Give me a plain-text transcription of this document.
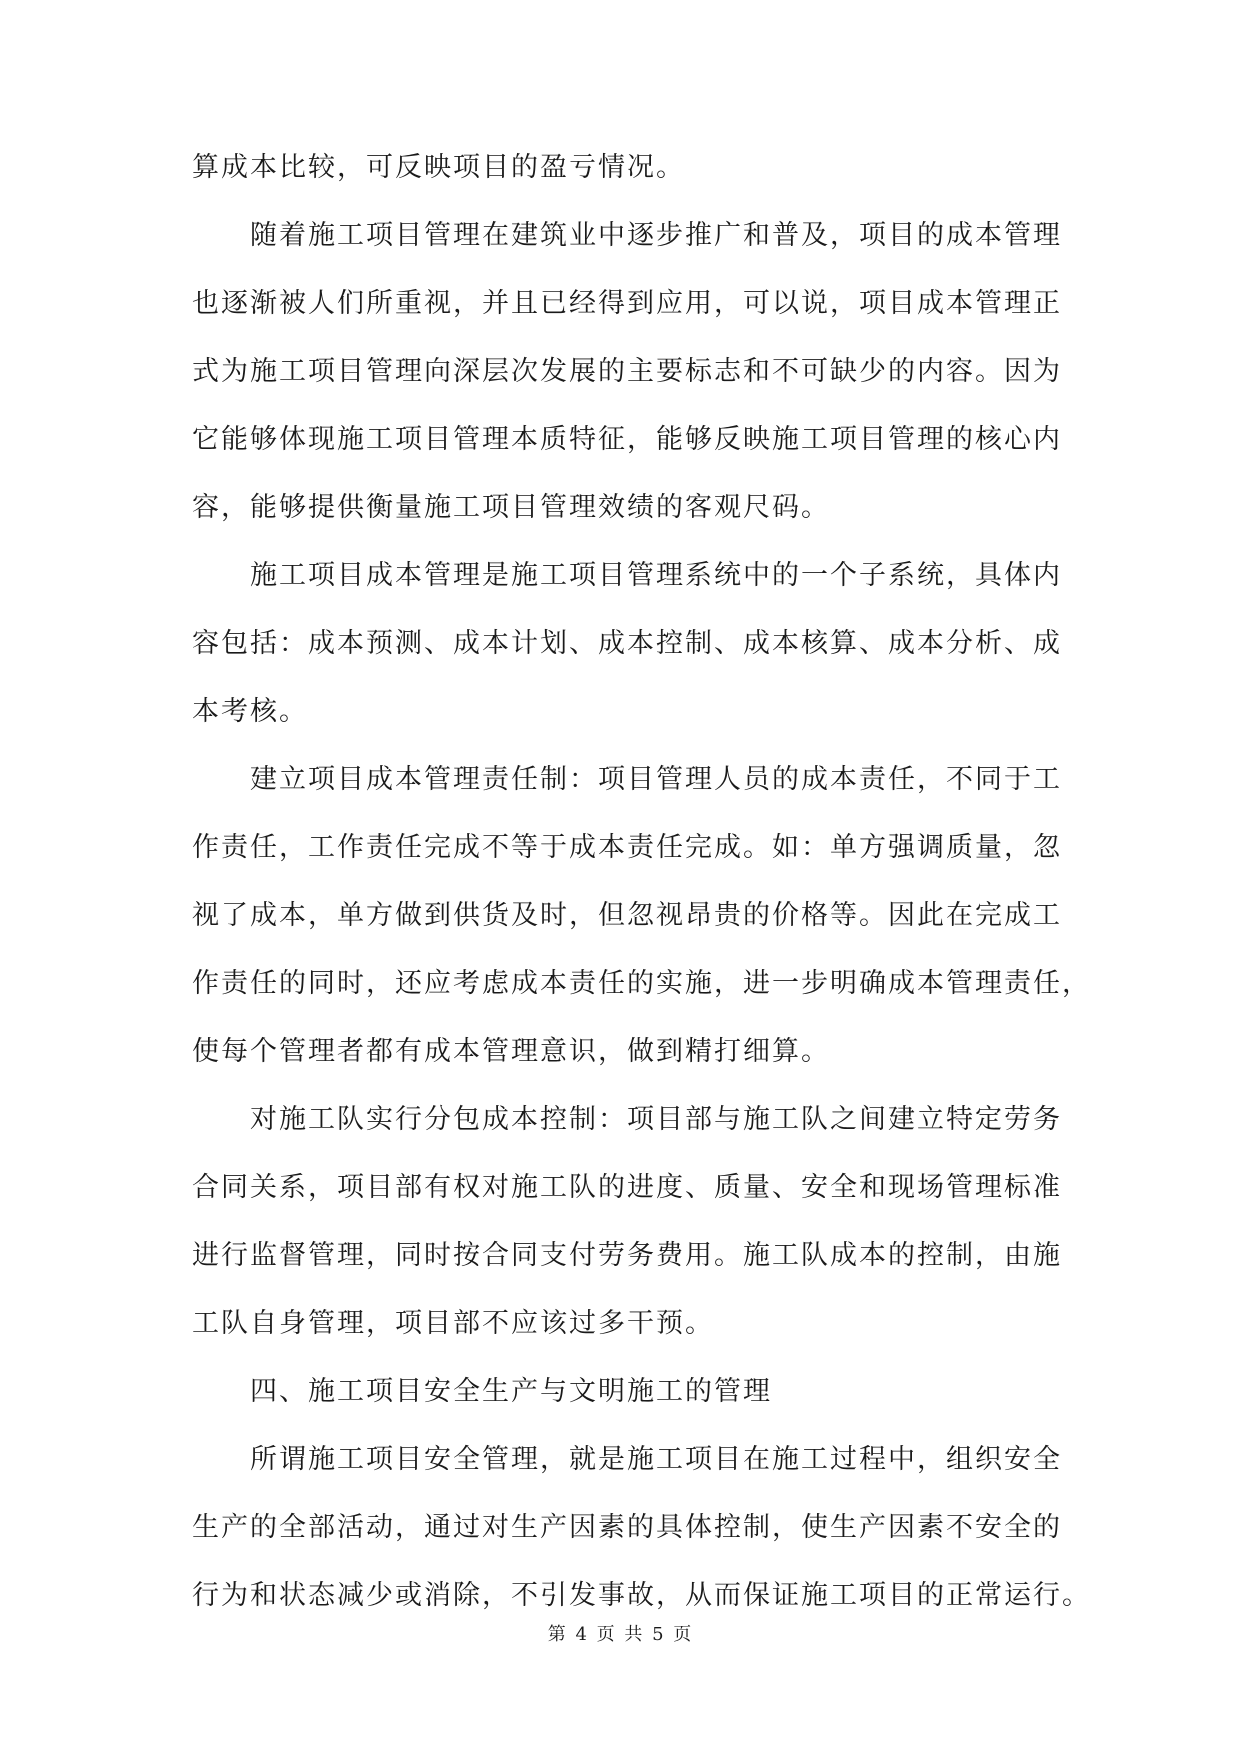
算成本比较，可反映项目的盈亏情况。
随着施工项目管理在建筑业中逐步推广和普及，项目的成本管理
也逐渐被人们所重视，并且已经得到应用，可以说，项目成本管理正
式为施工项目管理向深层次发展的主要标志和不可缺少的内容。因为
它能够体现施工项目管理本质特征，能够反映施工项目管理的核心内
容，能够提供衡量施工项目管理效绩的客观尺码。
施工项目成本管理是施工项目管理系统中的一个子系统，具体内
容包括：成本预测、成本计划、成本控制、成本核算、成本分析、成
本考核。
建立项目成本管理责任制：项目管理人员的成本责任，不同于工
作责任，工作责任完成不等于成本责任完成。如：单方强调质量，忽
视了成本，单方做到供货及时，但忽视昂贵的价格等。因此在完成工
作责任的同时，还应考虑成本责任的实施，进一步明确成本管理责任，
使每个管理者都有成本管理意识，做到精打细算。
对施工队实行分包成本控制：项目部与施工队之间建立特定劳务
合同关系，项目部有权对施工队的进度、质量、安全和现场管理标准
进行监督管理，同时按合同支付劳务费用。施工队成本的控制，由施
工队自身管理，项目部不应该过多干预。
四、施工项目安全生产与文明施工的管理
所谓施工项目安全管理，就是施工项目在施工过程中，组织安全
生产的全部活动，通过对生产因素的具体控制，使生产因素不安全的
行为和状态减少或消除，不引发事故，从而保证施工项目的正常运行。
第 4 页 共 5 页
